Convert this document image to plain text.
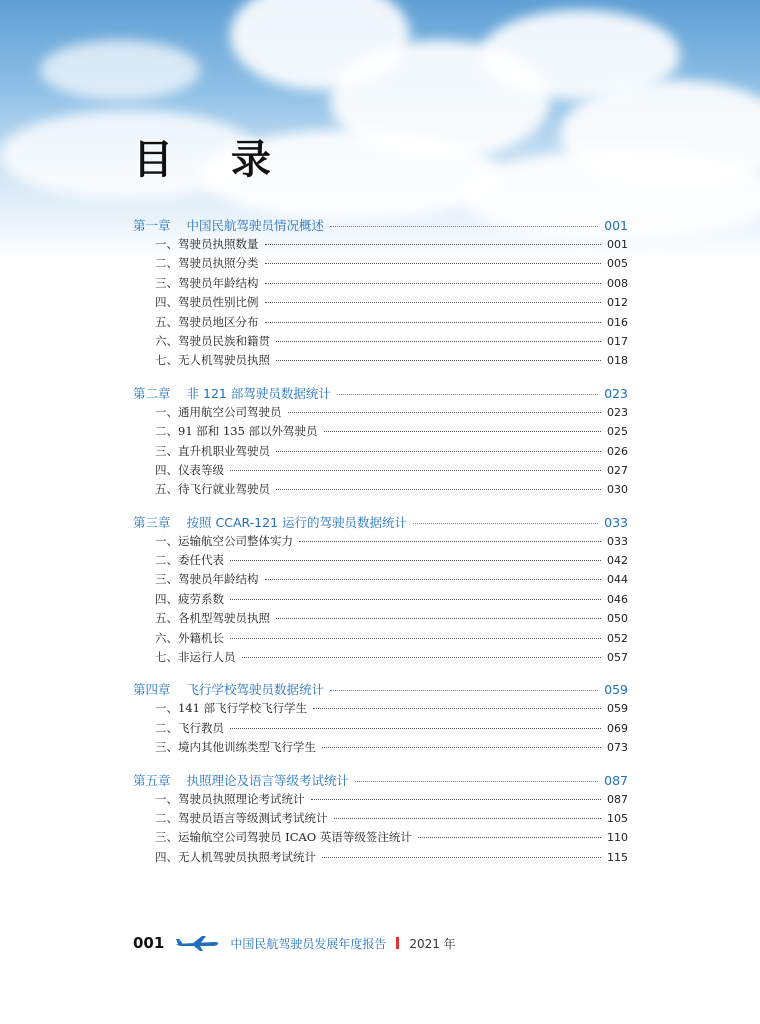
目 录
第一章 中国民航驾驶员情况概述	001
一、驾驶员执照数量	001
二、驾驶员执照分类	005
三、驾驶员年龄结构	008
四、驾驶员性别比例	012
五、驾驶员地区分布	016
六、驾驶员民族和籍贯	017
七、无人机驾驶员执照	018
第二章 非 121 部驾驶员数据统计	023
一、通用航空公司驾驶员	023
二、91 部和 135 部以外驾驶员	025
三、直升机职业驾驶员	026
四、仪表等级	027
五、待飞行就业驾驶员	030
第三章 按照 CCAR-121 运行的驾驶员数据统计	033
一、运输航空公司整体实力	033
二、委任代表	042
三、驾驶员年龄结构	044
四、疲劳系数	046
五、各机型驾驶员执照	050
六、外籍机长	052
七、非运行人员	057
第四章 飞行学校驾驶员数据统计	059
一、141 部飞行学校飞行学生	059
二、飞行教员	069
三、境内其他训练类型飞行学生	073
第五章 执照理论及语言等级考试统计	087
一、驾驶员执照理论考试统计	087
二、驾驶员语言等级测试考试统计	105
三、运输航空公司驾驶员 ICAO 英语等级签注统计	110
四、无人机驾驶员执照考试统计	115
001	中国民航驾驶员发展年度报告 2021 年
